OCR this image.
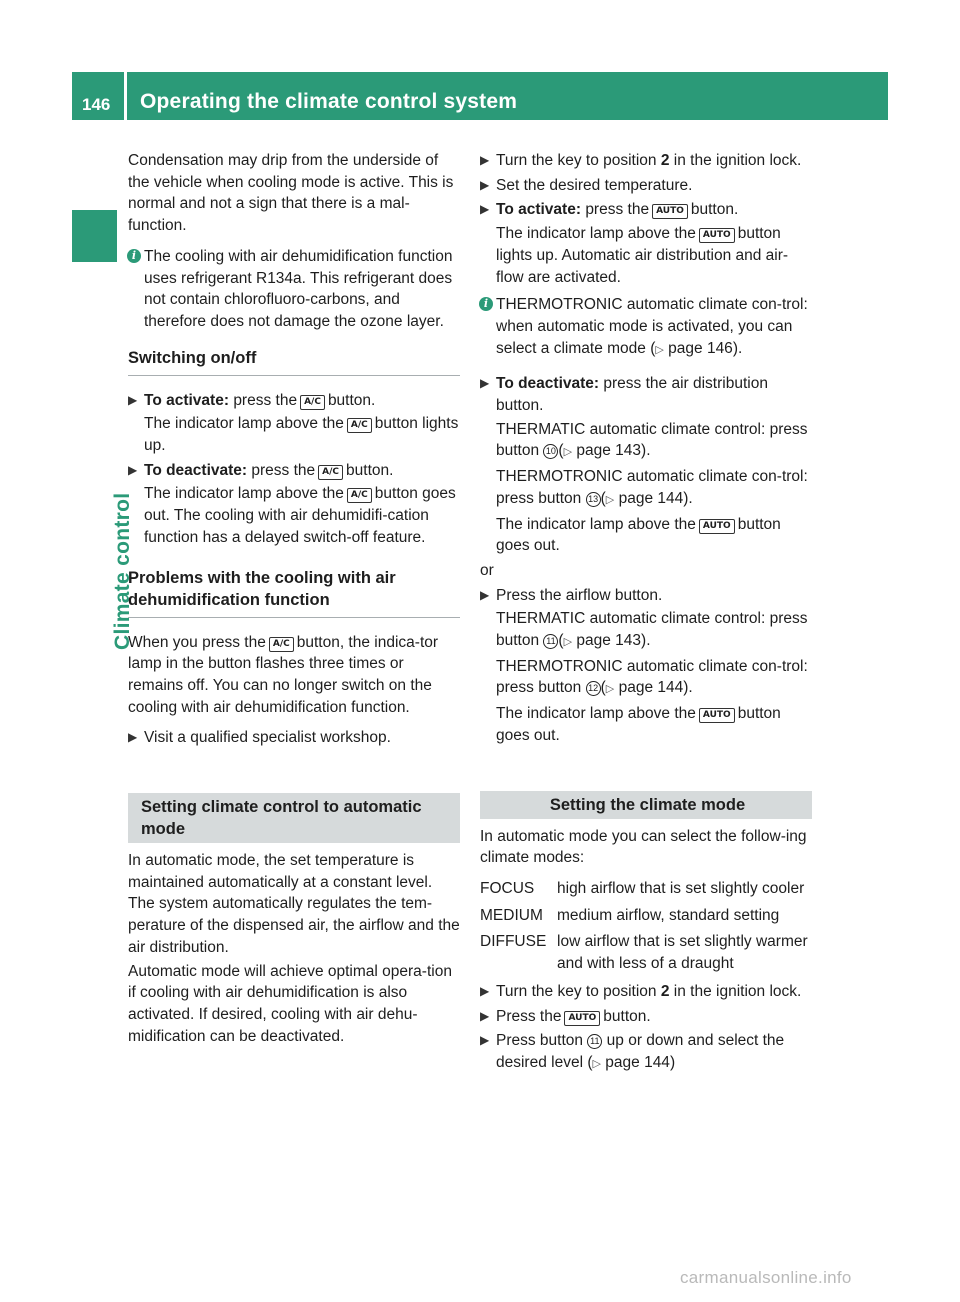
146 Operating the climate control system
Climate control

Condensation may drip from the underside of the vehicle when cooling mode is active. This is normal and not a sign that there is a mal-function.

i The cooling with air dehumidification function uses refrigerant R134a. This refrigerant does not contain chlorofluoro-carbons, and therefore does not damage the ozone layer.
Switching on/off
▶ To activate: press the A/C button.
The indicator lamp above the A/C button lights up.
▶ To deactivate: press the A/C button.
The indicator lamp above the A/C button goes out. The cooling with air dehumidifi-cation function has a delayed switch-off feature.
Problems with the cooling with air dehumidification function

When you press the A/C button, the indica-tor lamp in the button flashes three times or remains off. You can no longer switch on the cooling with air dehumidification function.

▶ Visit a qualified specialist workshop.
Setting climate control to automatic mode

In automatic mode, the set temperature is maintained automatically at a constant level. The system automatically regulates the tem-perature of the dispensed air, the airflow and the air distribution.

Automatic mode will achieve optimal opera-tion if cooling with air dehumidification is also activated. If desired, cooling with air dehu-midification can be deactivated.

▶ Turn the key to position 2 in the ignition lock.
▶ Set the desired temperature.
▶ To activate: press the AUTO button.
The indicator lamp above the AUTO button lights up. Automatic air distribution and air-flow are activated.
i THERMOTRONIC automatic climate con-trol: when automatic mode is activated, you can select a climate mode (▷ page 146).
▶ To deactivate: press the air distribution button.
THERMATIC automatic climate control: press button 10 (▷ page 143).
THERMOTRONIC automatic climate con-trol: press button 13 (▷ page 144).
The indicator lamp above the AUTO button goes out.

or

▶ Press the airflow button.
THERMATIC automatic climate control: press button 11 (▷ page 143).
THERMOTRONIC automatic climate con-trol: press button 12 (▷ page 144).
The indicator lamp above the AUTO button goes out.
Setting the climate mode

In automatic mode you can select the follow-ing climate modes:

FOCUS	high airflow that is set slightly cooler
MEDIUM medium airflow, standard setting
DIFFUSE low airflow that is set slightly warmer and with less of a draught
▶ Turn the key to position 2 in the ignition lock.
▶ Press the AUTO button.
▶ Press button 11 up or down and select the desired level (▷ page 144)
carmanualsonline.info
